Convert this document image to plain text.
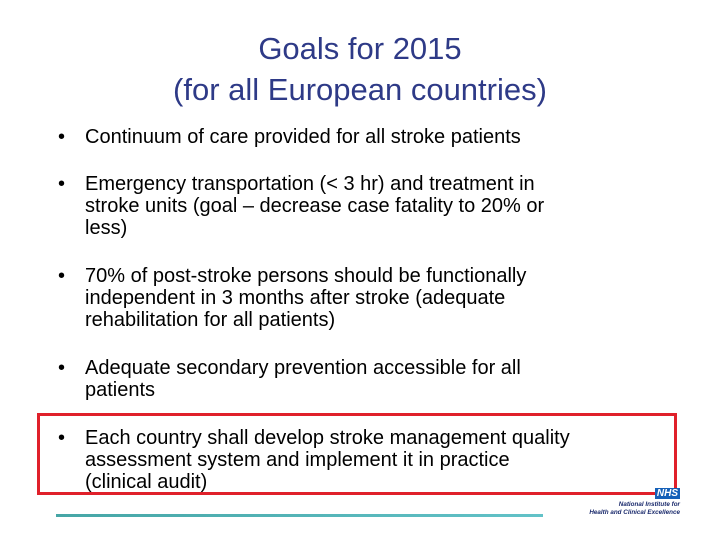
Goals for 2015
(for all European countries)
• Continuum of care provided for all stroke patients
• Emergency transportation (< 3 hr) and treatment in
stroke units (goal – decrease case fatality to 20% or
less)
• 70% of post-stroke persons should be functionally
independent in 3 months after stroke (adequate
rehabilitation for all patients)
• Adequate secondary prevention accessible for all
patients
• Each country shall develop stroke management quality
assessment system and implement it in practice
(clinical audit)
NHS
National Institute for
Health and Clinical Excellence
